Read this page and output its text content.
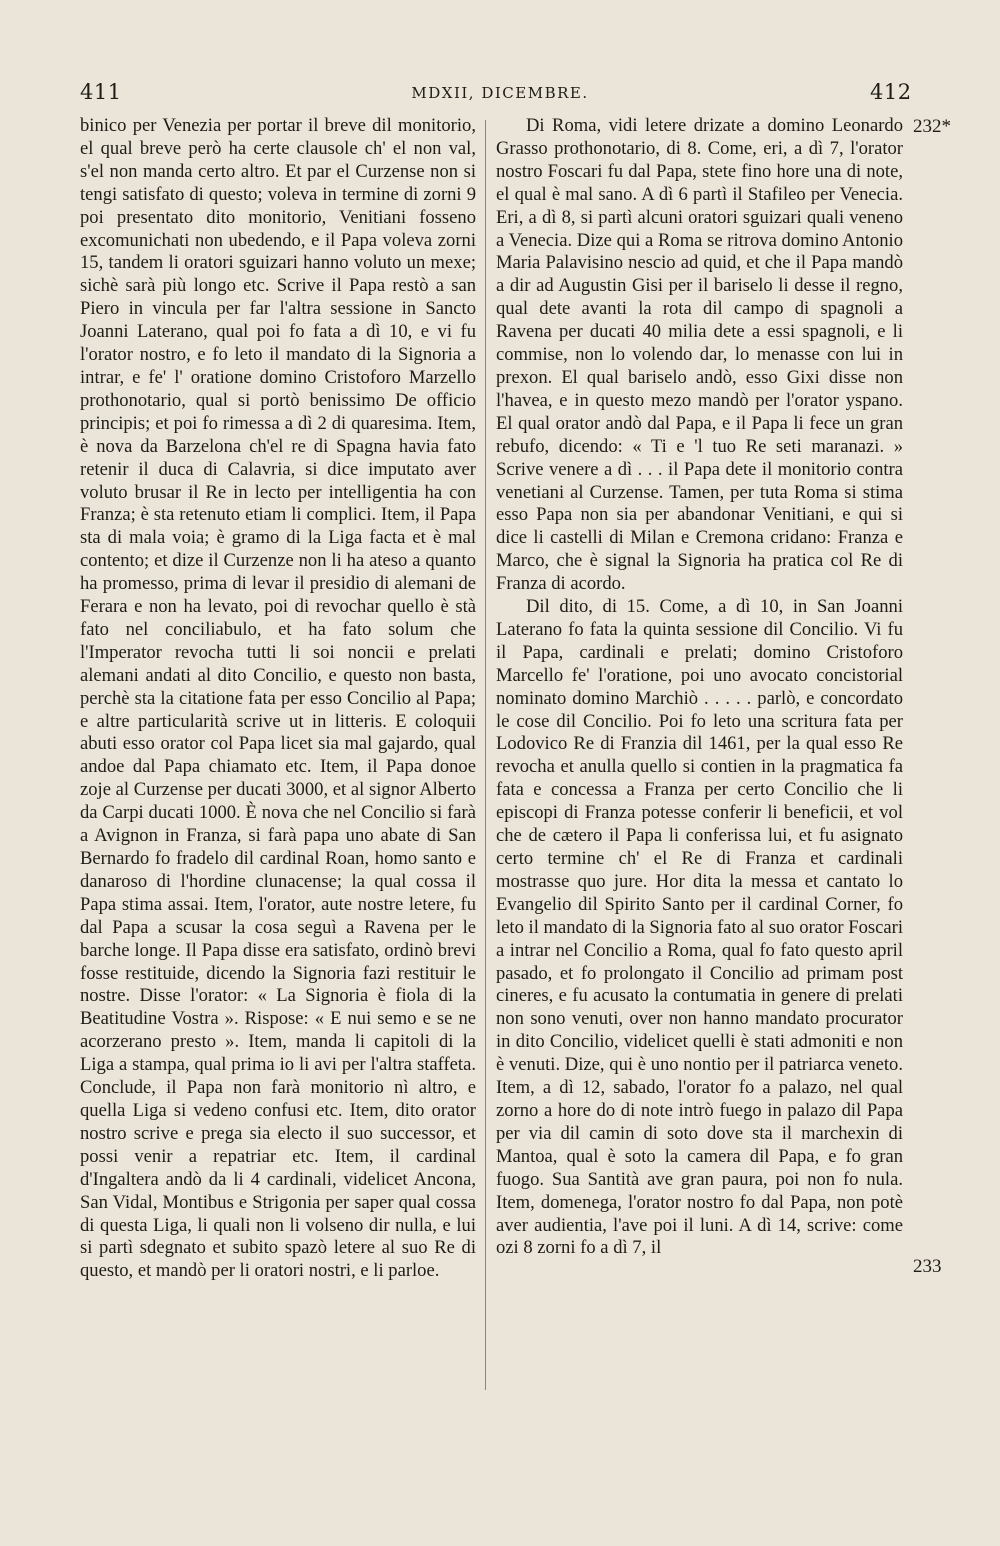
411	MDXII, DICEMBRE.	412

binico per Venezia per portar il breve dil monitorio, el qual breve però ha certe clausole ch' el non val, s'el non manda certo altro. Et par el Curzense non si tengi satisfato di questo; voleva in termine di zorni 9 poi presentato dito monitorio, Venitiani fosseno excomunichati non ubedendo, e il Papa voleva zorni 15, tandem li oratori sguizari hanno voluto un mexe; sichè sarà più longo etc. Scrive il Papa restò a san Piero in vincula per far l'altra sessione in Sancto Joanni Laterano, qual poi fo fata a dì 10, e vi fu l'orator nostro, e fo leto il mandato di la Signoria a intrar, e fe' l' oratione domino Cristoforo Marzello prothonotario, qual si portò benissimo De officio principis; et poi fo rimessa a dì 2 di quaresima. Item, è nova da Barzelona ch'el re di Spagna havia fato retenir il duca di Calavria, si dice imputato aver voluto brusar il Re in lecto per intelligentia ha con Franza; è sta retenuto etiam li complici. Item, il Papa sta di mala voia; è gramo di la Liga facta et è mal contento; et dize il Curzenze non li ha ateso a quanto ha promesso, prima di levar il presidio di alemani de Ferara e non ha levato, poi di revochar quello è stà fato nel conciliabulo, et ha fato solum che l'Imperator revocha tutti li soi noncii e prelati alemani andati al dito Concilio, e questo non basta, perchè sta la citatione fata per esso Concilio al Papa; e altre particularità scrive ut in litteris. E coloquii abuti esso orator col Papa licet sia mal gajardo, qual andoe dal Papa chiamato etc. Item, il Papa donoe zoje al Curzense per ducati 3000, et al signor Alberto da Carpi ducati 1000. È nova che nel Concilio si farà a Avignon in Franza, si farà papa uno abate di San Bernardo fo fradelo dil cardinal Roan, homo santo e danaroso di l'hordine clunacense; la qual cossa il Papa stima assai. Item, l'orator, aute nostre letere, fu dal Papa a scusar la cosa seguì a Ravena per le barche longe. Il Papa disse era satisfato, ordinò brevi fosse restituide, dicendo la Signoria fazi restituir le nostre. Disse l'orator: « La Signoria è fiola di la Beatitudine Vostra ». Rispose: « E nui semo e se ne acorzerano presto ». Item, manda li capitoli di la Liga a stampa, qual prima io li avi per l'altra staffeta. Conclude, il Papa non farà monitorio nì altro, e quella Liga si vedeno confusi etc. Item, dito orator nostro scrive e prega sia electo il suo successor, et possi venir a repatriar etc. Item, il cardinal d'Ingaltera andò da li 4 cardinali, videlicet Ancona, San Vidal, Montibus e Strigonia per saper qual cossa di questa Liga, li quali non li volseno dir nulla, e lui si partì sdegnato et subito spazò letere al suo Re di questo, et mandò per li oratori nostri, e li parloe.

Di Roma, vidi letere drizate a domino Leonardo Grasso prothonotario, di 8. Come, eri, a dì 7, l'orator nostro Foscari fu dal Papa, stete fino hore una di note, el qual è mal sano. A dì 6 partì il Stafileo per Venecia. Eri, a dì 8, si partì alcuni oratori sguizari quali veneno a Venecia. Dize qui a Roma se ritrova domino Antonio Maria Palavisino nescio ad quid, et che il Papa mandò a dir ad Augustin Gisi per il bariselo li desse il regno, qual dete avanti la rota dil campo di spagnoli a Ravena per ducati 40 milia dete a essi spagnoli, e li commise, non lo volendo dar, lo menasse con lui in prexon. El qual bariselo andò, esso Gixi disse non l'havea, e in questo mezo mandò per l'orator yspano. El qual orator andò dal Papa, e il Papa li fece un gran rebufo, dicendo: « Ti e 'l tuo Re seti maranazi. » Scrive venere a dì . . . il Papa dete il monitorio contra venetiani al Curzense. Tamen, per tuta Roma si stima esso Papa non sia per abandonar Venitiani, e qui si dice li castelli di Milan e Cremona cridano: Franza e Marco, che è signal la Signoria ha pratica col Re di Franza di acordo.

Dil dito, di 15. Come, a dì 10, in San Joanni Laterano fo fata la quinta sessione dil Concilio. Vi fu il Papa, cardinali e prelati; domino Cristoforo Marcello fe' l'oratione, poi uno avocato concistorial nominato domino Marchiò . . . . . parlò, e concordato le cose dil Concilio. Poi fo leto una scritura fata per Lodovico Re di Franzia dil 1461, per la qual esso Re revocha et anulla quello si contien in la pragmatica fa fata e concessa a Franza per certo Concilio che li episcopi di Franza potesse conferir li beneficii, et vol che de cætero il Papa li conferissa lui, et fu asignato certo termine ch' el Re di Franza et cardinali mostrasse quo jure. Hor dita la messa et cantato lo Evangelio dil Spirito Santo per il cardinal Corner, fo leto il mandato di la Signoria fato al suo orator Foscari a intrar nel Concilio a Roma, qual fo fato questo april pasado, et fo prolongato il Concilio ad primam post cineres, e fu acusato la contumatia in genere di prelati non sono venuti, over non hanno mandato procurator in dito Concilio, videlicet quelli è stati admoniti e non è venuti. Dize, qui è uno nontio per il patriarca veneto. Item, a dì 12, sabado, l'orator fo a palazo, nel qual zorno a hore do di note intrò fuego in palazo dil Papa per via dil camin di soto dove sta il marchexin di Mantoa, qual è soto la camera dil Papa, e fo gran fuogo. Sua Santità ave gran paura, poi non fo nula. Item, domenega, l'orator nostro fo dal Papa, non potè aver audientia, l'ave poi il luni. A dì 14, scrive: come ozi 8 zorni fo a dì 7, il

232*
233
